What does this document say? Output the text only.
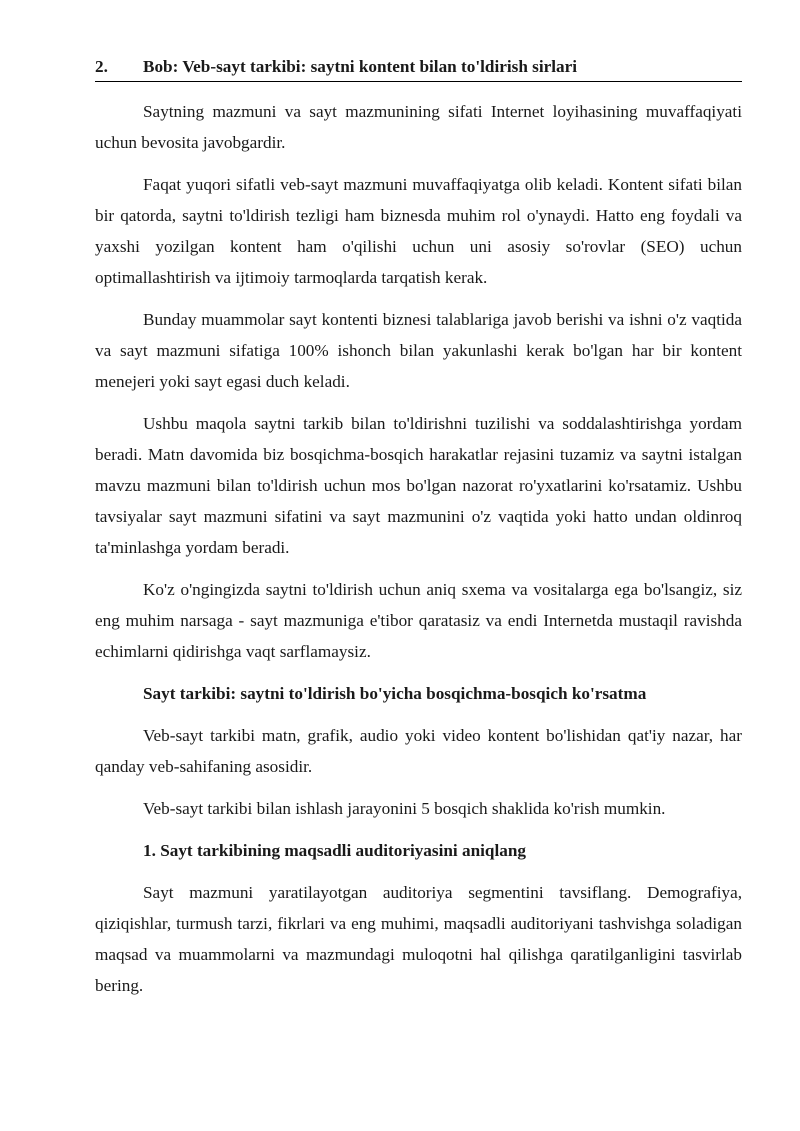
2.	Bob: Veb-sayt tarkibi: saytni kontent bilan to'ldirish sirlari

Saytning mazmuni va sayt mazmunining sifati Internet loyihasining muvaffaqiyati uchun bevosita javobgardir.

Faqat yuqori sifatli veb-sayt mazmuni muvaffaqiyatga olib keladi. Kontent sifati bilan bir qatorda, saytni to'ldirish tezligi ham biznesda muhim rol o'ynaydi. Hatto eng foydali va yaxshi yozilgan kontent ham o'qilishi uchun uni asosiy so'rovlar (SEO) uchun optimallashtirish va ijtimoiy tarmoqlarda tarqatish kerak.

Bunday muammolar sayt kontenti biznesi talablariga javob berishi va ishni o'z vaqtida va sayt mazmuni sifatiga 100% ishonch bilan yakunlashi kerak bo'lgan har bir kontent menejeri yoki sayt egasi duch keladi.

Ushbu maqola saytni tarkib bilan to'ldirishni tuzilishi va soddalashtirishga yordam beradi. Matn davomida biz bosqichma-bosqich harakatlar rejasini tuzamiz va saytni istalgan mavzu mazmuni bilan to'ldirish uchun mos bo'lgan nazorat ro'yxatlarini ko'rsatamiz. Ushbu tavsiyalar sayt mazmuni sifatini va sayt mazmunini o'z vaqtida yoki hatto undan oldinroq ta'minlashga yordam beradi.

Ko'z o'ngingizda saytni to'ldirish uchun aniq sxema va vositalarga ega bo'lsangiz, siz eng muhim narsaga - sayt mazmuniga e'tibor qaratasiz va endi Internetda mustaqil ravishda echimlarni qidirishga vaqt sarflamaysiz.

Sayt tarkibi: saytni to'ldirish bo'yicha bosqichma-bosqich ko'rsatma

Veb-sayt tarkibi matn, grafik, audio yoki video kontent bo'lishidan qat'iy nazar, har qanday veb-sahifaning asosidir.

Veb-sayt tarkibi bilan ishlash jarayonini 5 bosqich shaklida ko'rish mumkin.

1. Sayt tarkibining maqsadli auditoriyasini aniqlang

Sayt mazmuni yaratilayotgan auditoriya segmentini tavsiflang. Demografiya, qiziqishlar, turmush tarzi, fikrlari va eng muhimi, maqsadli auditoriyani tashvishga soladigan maqsad va muammolarni va mazmundagi muloqotni hal qilishga qaratilganligini tasvirlab bering.
